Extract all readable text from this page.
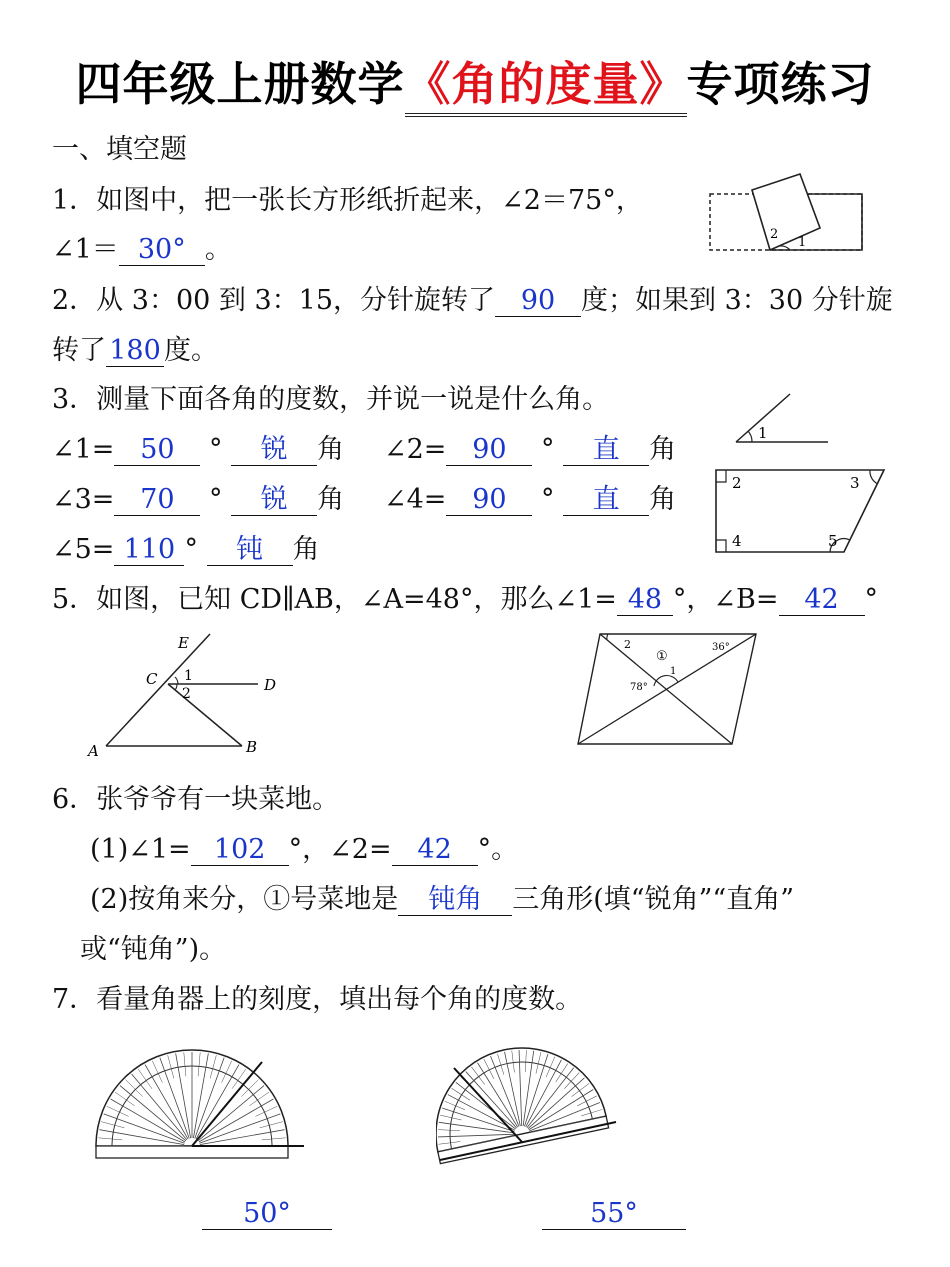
四年级上册数学《角的度量》专项练习
一、填空题
1．如图中，把一张长方形纸折起来，∠2＝75°，
∠1＝ 30° 。	2
1
2．从 3：00 到 3：15，分针旋转了 90 度；如果到 3：30 分针旋
转了 180 度。
3．测量下面各角的度数，并说一说是什么角。
∠1= 50 ° 锐 角 ∠2= 90 ° 直 角
∠3= 70 ° 锐 角 ∠4= 90 ° 直 角
∠5= 110 ° 钝 角
1
2	3
4	5
5．如图，已知 CD∥AB，∠A=48°，那么∠1= 48 °，∠B= 42 °
E
C	D
A	B
1
2
2
①
36°
1
78°
6．张爷爷有一块菜地。
(1)∠1= 102 °，∠2= 42 °。
(2)按角来分，①号菜地是 钝角 三角形(填“锐角”“直角”
或“钝角”)。
7．看量角器上的刻度，填出每个角的度数。
50°	55°
